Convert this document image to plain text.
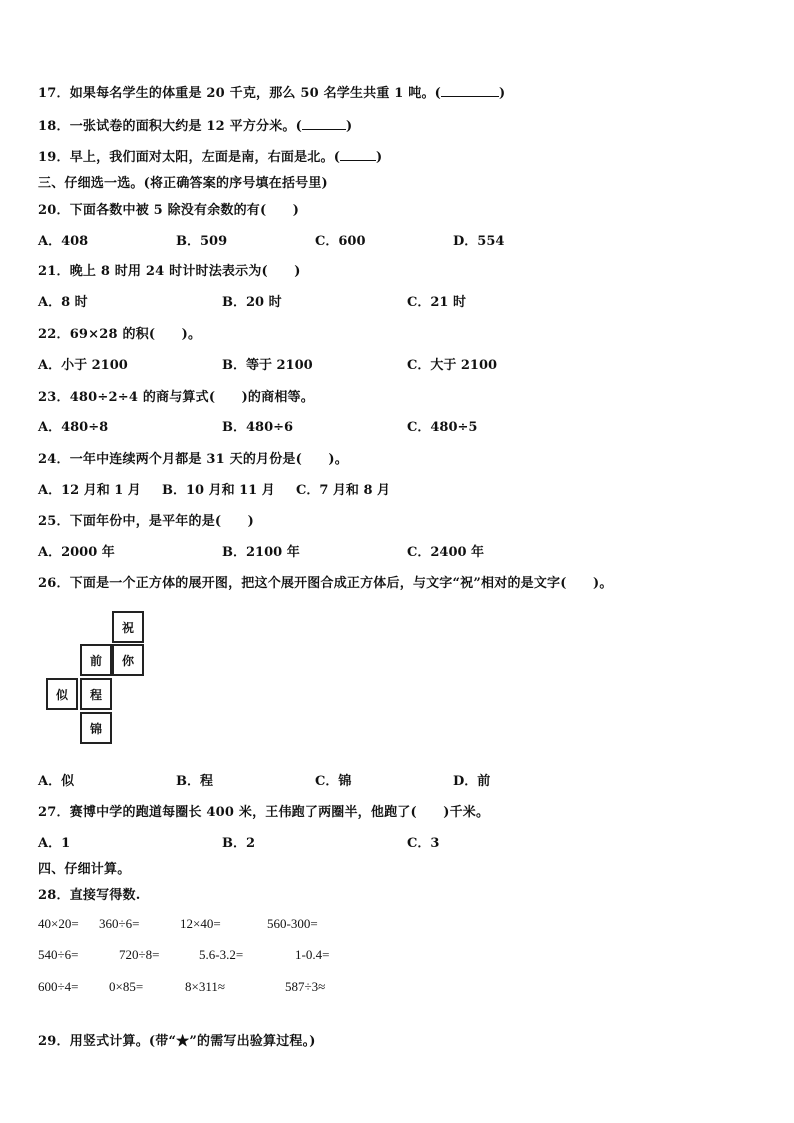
17．如果每名学生的体重是 20 千克，那么 50 名学生共重 1 吨。(	)
18．一张试卷的面积大约是 12 平方分米。(	)
19．早上，我们面对太阳，左面是南，右面是北。(	)
三、仔细选一选。(将正确答案的序号填在括号里)
20．下面各数中被 5 除没有余数的有(　　)
A．408	B．509	C．600	D．554
21．晚上 8 时用 24 时计时法表示为(　　)
A．8 时	B．20 时	C．21 时
22．69×28 的积(　　)。
A．小于 2100	B．等于 2100	C．大于 2100
23．480÷2÷4 的商与算式(　　)的商相等。
A．480÷8	B．480÷6	C．480÷5
24．一年中连续两个月都是 31 天的月份是(　　)。
A．12 月和 1 月 B．10 月和 11 月 C．7 月和 8 月
25．下面年份中，是平年的是(　　)
A．2000 年	B．2100 年	C．2400 年
26．下面是一个正方体的展开图，把这个展开图合成正方体后，与文字“祝”相对的是文字(　　)。
祝
前	你
似	程
锦
A．似	B．程	C．锦	D．前
27．赛博中学的跑道每圈长 400 米，王伟跑了两圈半，他跑了(　　)千米。
A．1	B．2	C．3
四、仔细计算。
28．直接写得数.
40×20= 360÷6=	12×40=	560-300=
540÷6=	720÷8=	5.6-3.2=	1-0.4=
600÷4= 0×85=	8×311≈	587÷3≈
29．用竖式计算。(带“★”的需写出验算过程。)
